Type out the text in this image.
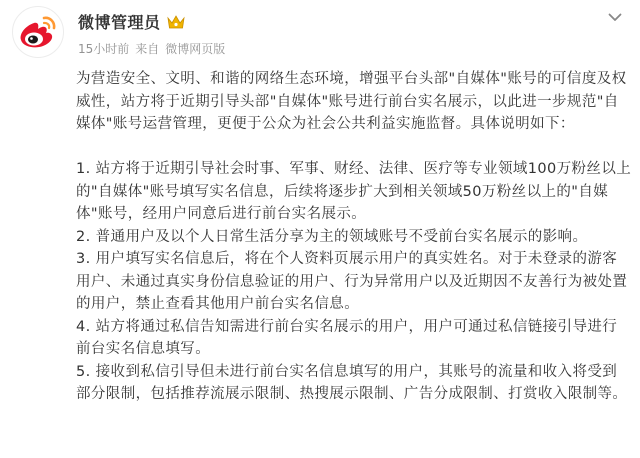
微博管理员
15小时前 来自 微博网页版

为营造安全、文明、和谐的网络生态环境，增强平台头部"自媒体"账号的可信度及权威性，站方将于近期引导头部"自媒体"账号进行前台实名展示，以此进一步规范"自媒体"账号运营管理，更便于公众为社会公共利益实施监督。具体说明如下：

1. 站方将于近期引导社会时事、军事、财经、法律、医疗等专业领域100万粉丝以上的"自媒体"账号填写实名信息，后续将逐步扩大到相关领域50万粉丝以上的"自媒体"账号，经用户同意后进行前台实名展示。

2. 普通用户及以个人日常生活分享为主的领域账号不受前台实名展示的影响。

3. 用户填写实名信息后，将在个人资料页展示用户的真实姓名。对于未登录的游客用户、未通过真实身份信息验证的用户、行为异常用户以及近期因不友善行为被处置的用户，禁止查看其他用户前台实名信息。

4. 站方将通过私信告知需进行前台实名展示的用户，用户可通过私信链接引导进行前台实名信息填写。

5. 接收到私信引导但未进行前台实名信息填写的用户，其账号的流量和收入将受到部分限制，包括推荐流展示限制、热搜展示限制、广告分成限制、打赏收入限制等。
